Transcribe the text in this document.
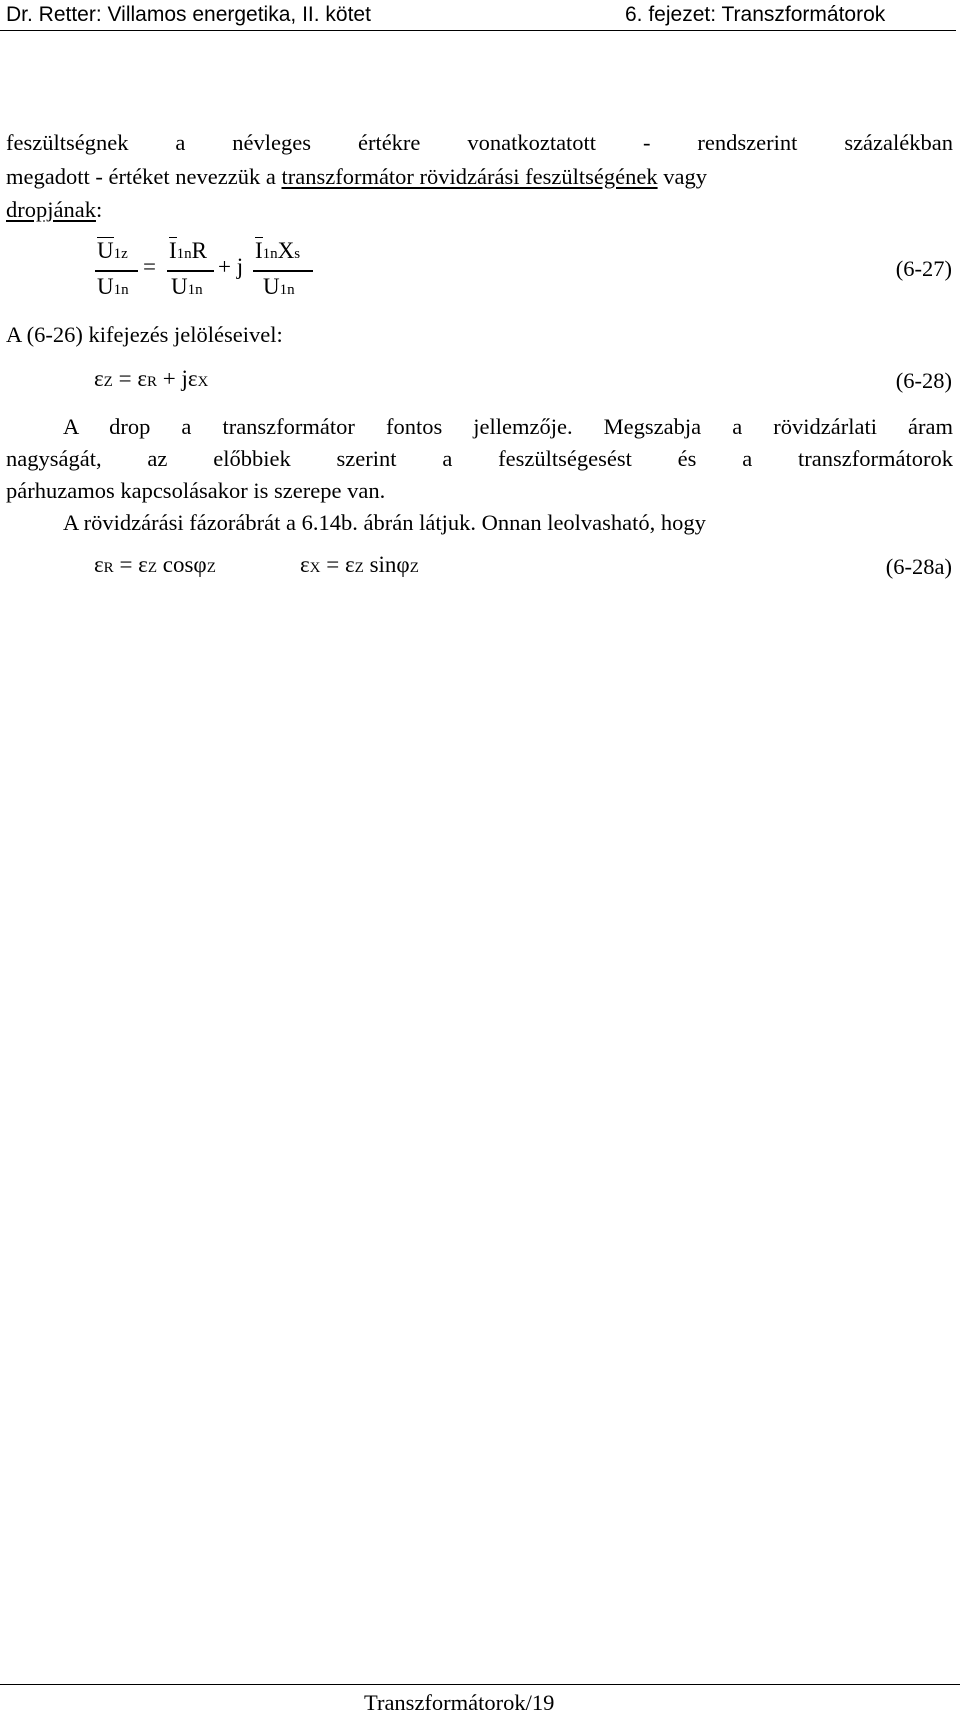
Dr. Retter: Villamos energetika, II. kötet	6. fejezet: Transzformátorok
feszültségnek a névleges értékre vonatkoztatott - rendszerint százalékban
megadott - értéket nevezzük a transzformátor rövidzárási feszültségének vagy
dropjának:
U1z
U1n
=
I1nR
U1n
+ j
I1nXs
U1n
(6-27)
A (6-26) kifejezés jelöléseivel:
εZ = εR + jεX	(6-28)
A drop a transzformátor fontos jellemzője. Megszabja a rövidzárlati áram
nagyságát, az előbbiek szerint a feszültségesést és a transzformátorok
párhuzamos kapcsolásakor is szerepe van.
A rövidzárási fázorábrát a 6.14b. ábrán látjuk. Onnan leolvasható, hogy
εR = εZ cosφZ	εX = εZ sinφZ	(6-28a)
Transzformátorok/19
